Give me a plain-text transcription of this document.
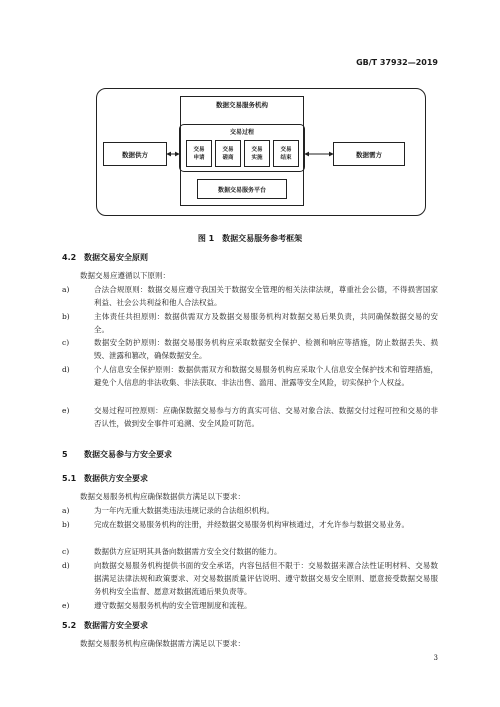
GB/T 37932—2019
数据交易服务机构
交易过程
交易
申请
交易
磋商
交易
实施
交易
结束
数据供方	数据需方
数据交易服务平台
图 1　数据交易服务参考框架
4.2 数据交易安全原则
数据交易应遵循以下原则：
a)	合法合规原则：数据交易应遵守我国关于数据安全管理的相关法律法规，尊重社会公德，不得损害国家利益、社会公共利益和他人合法权益。
b)	主体责任共担原则：数据供需双方及数据交易服务机构对数据交易后果负责，共同确保数据交易的安全。
c)	数据安全防护原则：数据交易服务机构应采取数据安全保护、检测和响应等措施，防止数据丢失、损毁、泄露和篡改，确保数据安全。
d)	个人信息安全保护原则：数据供需双方和数据交易服务机构应采取个人信息安全保护技术和管理措施，避免个人信息的非法收集、非法获取、非法出售、滥用、泄露等安全风险，切实保护个人权益。
e)	交易过程可控原则：应确保数据交易参与方的真实可信、交易对象合法、数据交付过程可控和交易的非否认性，做到安全事件可追溯、安全风险可防范。
5 数据交易参与方安全要求
5.1 数据供方安全要求
数据交易服务机构应确保数据供方满足以下要求：
a)	为一年内无重大数据类违法违规记录的合法组织机构。
b)	完成在数据交易服务机构的注册，并经数据交易服务机构审核通过，才允许参与数据交易业务。
c)	数据供方应证明其具备向数据需方安全交付数据的能力。
d)	向数据交易服务机构提供书面的安全承诺，内容包括但不限于：交易数据来源合法性证明材料、交易数据满足法律法规和政策要求、对交易数据质量评估说明、遵守数据交易安全原则、愿意接受数据交易服务机构安全监督、愿意对数据流通后果负责等。
e)	遵守数据交易服务机构的安全管理制度和流程。
5.2 数据需方安全要求
数据交易服务机构应确保数据需方满足以下要求：
3
